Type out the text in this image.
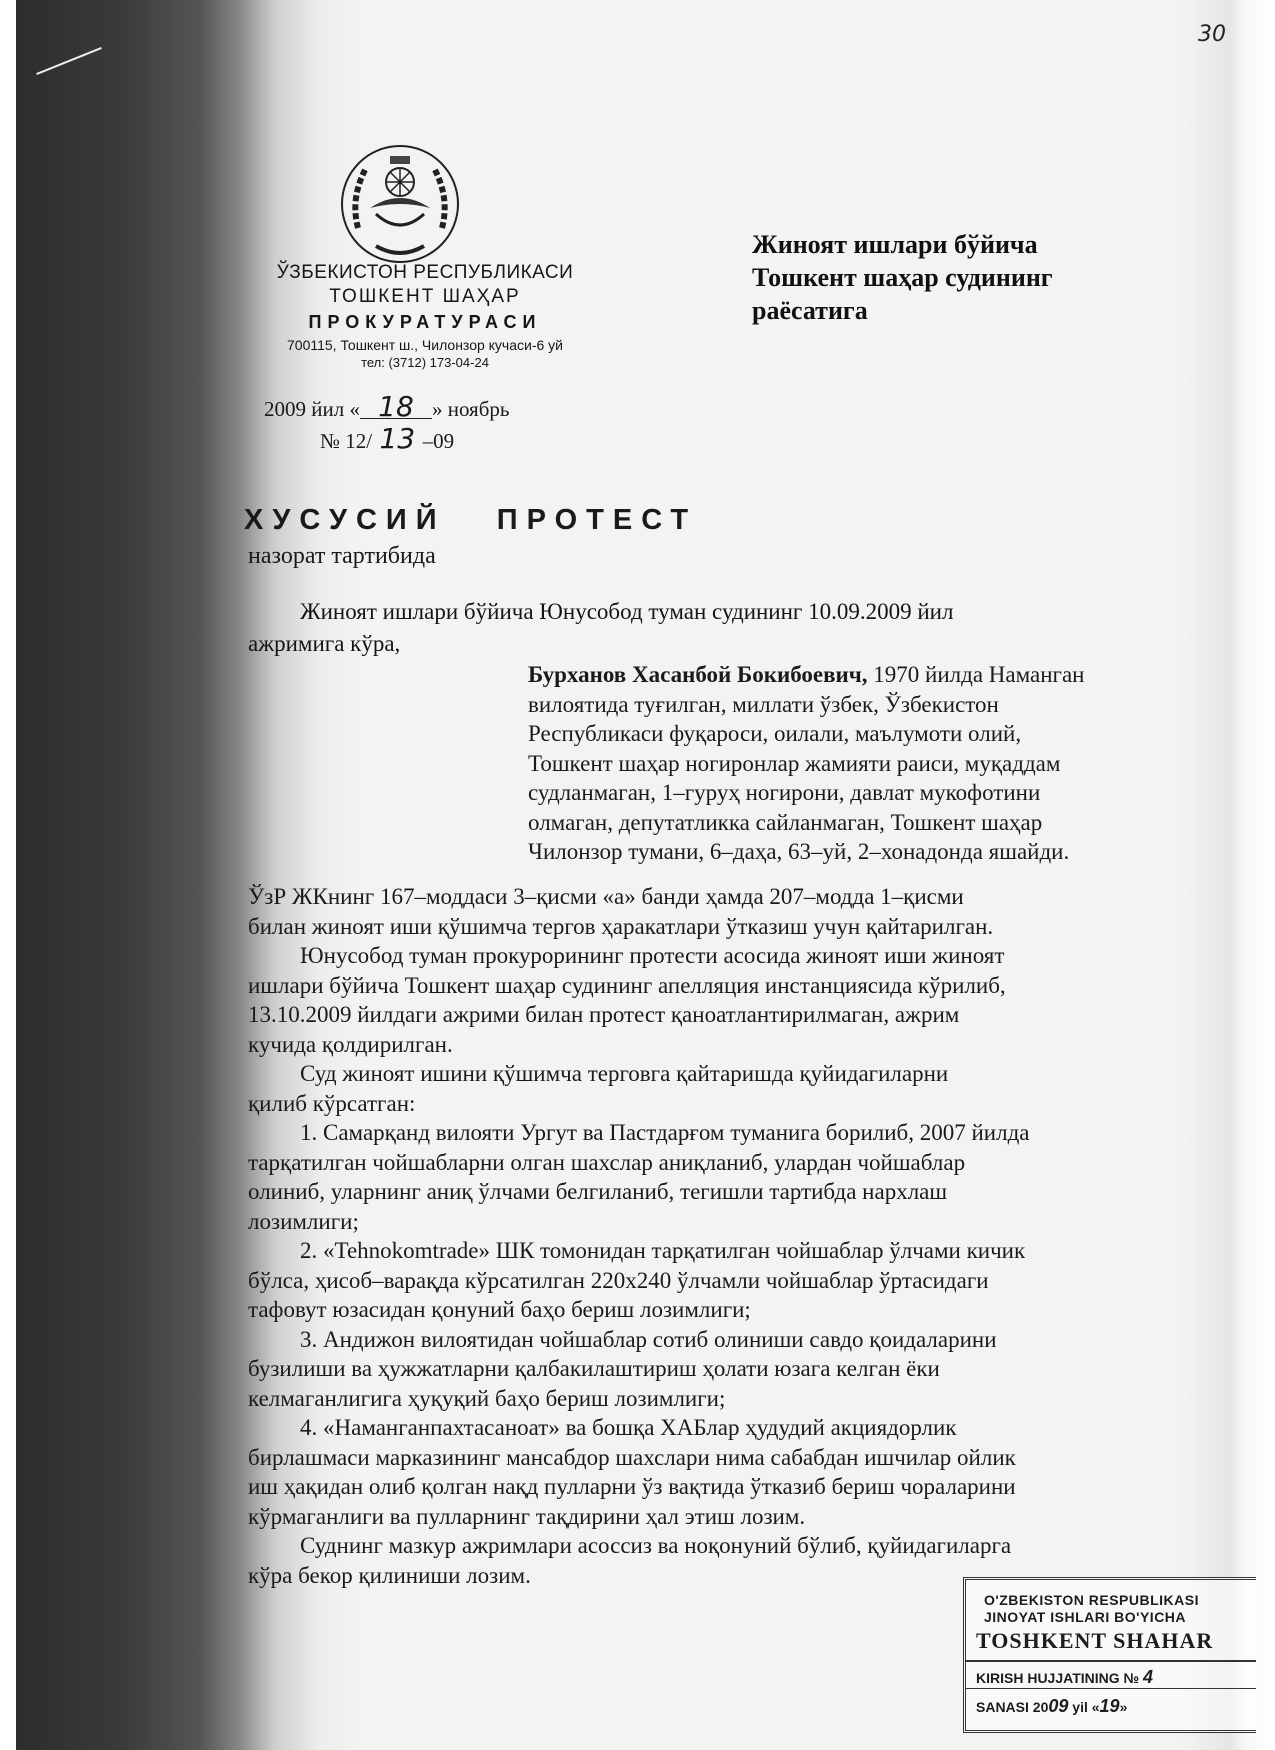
30
ЎЗБЕКИСТОН РЕСПУБЛИКАСИ
ТОШКЕНТ ШАҲАР
ПРОКУРАТУРАСИ
700115, Тошкент ш., Чилонзор кучаси-6 уй
тел: (3712) 173-04-24
Жиноят ишлари бўйича
Тошкент шаҳар судининг
раёсатига
2009 йил « 18 » ноябрь
№ 12/ 13 –09
ХУСУСИЙ   ПРОТЕСТ
назорат тартибида
Жиноят ишлари бўйича Юнусобод туман судининг 10.09.2009 йил
ажримига кўра,
Бурханов Хасанбой Бокибоевич, 1970 йилда Наманган
вилоятида туғилган, миллати ўзбек, Ўзбекистон
Республикаси фуқароси, оилали, маълумоти олий,
Тошкент шаҳар ногиронлар жамияти раиси, муқаддам
судланмаган, 1–гуруҳ ногирони, давлат мукофотини
олмаган, депутатликка сайланмаган, Тошкент шаҳар
Чилонзор тумани, 6–даҳа, 63–уй, 2–хонадонда яшайди.
ЎзР ЖКнинг 167–моддаси 3–қисми «а» банди ҳамда 207–модда 1–қисми
билан жиноят иши қўшимча тергов ҳаракатлари ўтказиш учун қайтарилган.
Юнусобод туман прокурорининг протести асосида жиноят иши жиноят
ишлари бўйича Тошкент шаҳар судининг апелляция инстанциясида кўрилиб,
13.10.2009 йилдаги ажрими билан протест қаноатлантирилмаган, ажрим
кучида қолдирилган.
Суд жиноят ишини қўшимча терговга қайтаришда қуйидагиларни
қилиб кўрсатган:
1. Самарқанд вилояти Ургут ва Пастдарғом туманига борилиб, 2007 йилда
тарқатилган чойшабларни олган шахслар аниқланиб, улардан чойшаблар
олиниб, уларнинг аниқ ўлчами белгиланиб, тегишли тартибда нархлаш
лозимлиги;
2. «Tehnokomtrade» ШК томонидан тарқатилган чойшаблар ўлчами кичик
бўлса, ҳисоб–варақда кўрсатилган 220х240 ўлчамли чойшаблар ўртасидаги
тафовут юзасидан қонуний баҳо бериш лозимлиги;
3. Андижон вилоятидан чойшаблар сотиб олиниши савдо қоидаларини
бузилиши ва ҳужжатларни қалбакилаштириш ҳолати юзага келган ёки
келмаганлигига ҳуқуқий баҳо бериш лозимлиги;
4. «Наманганпахтасаноат» ва бошқа ХАБлар ҳудудий акциядорлик
бирлашмаси марказининг мансабдор шахслари нима сабабдан ишчилар ойлик
иш ҳақидан олиб қолган нақд пулларни ўз вақтида ўтказиб бериш чораларини
кўрмаганлиги ва пулларнинг тақдирини ҳал этиш лозим.
Суднинг мазкур ажримлари асоссиз ва ноқонуний бўлиб, қуйидагиларга
кўра бекор қилиниши лозим.
O'ZBEKISTON RESPUBLIKASI
JINOYAT ISHLARI BO'YICHA
TOSHKENT SHAHAR
KIRISH HUJJATINING № 4
SANASI 2009 yil «19»
